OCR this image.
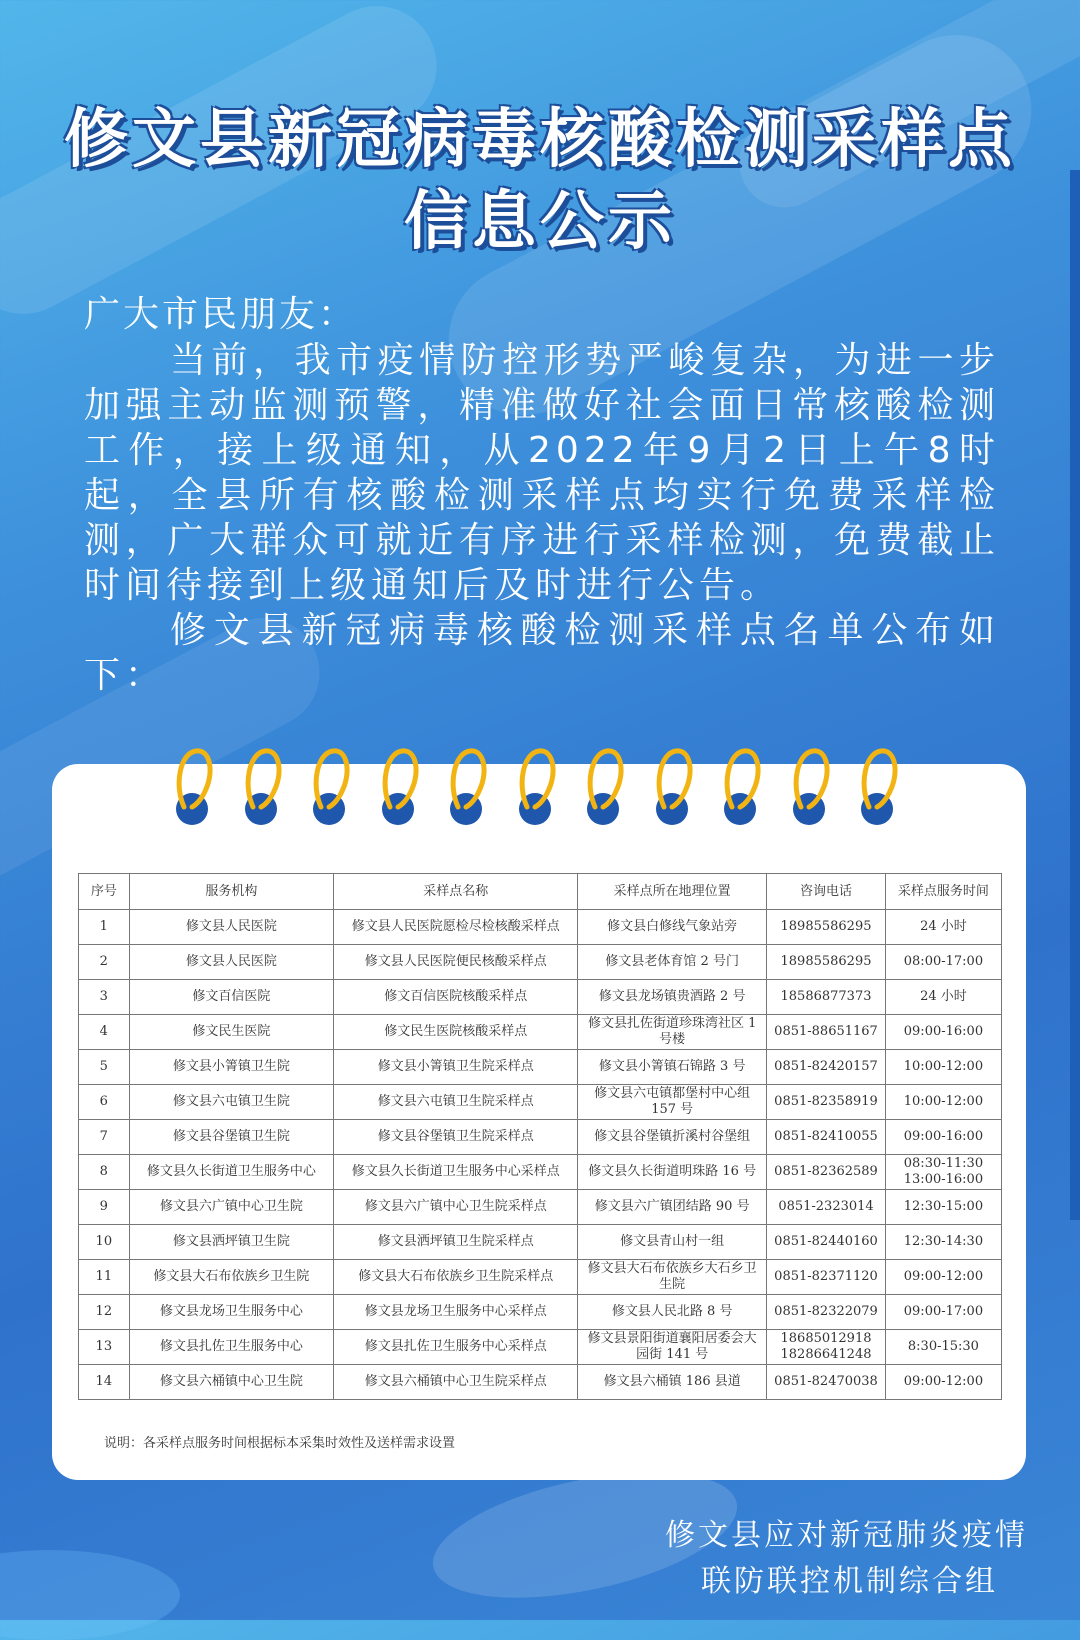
修文县新冠病毒核酸检测采样点
信息公示
广大市民朋友：

当前，我市疫情防控形势严峻复杂，为进一步加强主动监测预警，精准做好社会面日常核酸检测工作，接上级通知，从2022年9月2日上午8时起，全县所有核酸检测采样点均实行免费采样检测，广大群众可就近有序进行采样检测，免费截止时间待接到上级通知后及时进行公告。

修文县新冠病毒核酸检测采样点名单公布如下：

序号	服务机构	采样点名称	采样点所在地理位置	咨询电话	采样点服务时间
1	修文县人民医院	修文县人民医院愿检尽检核酸采样点	修文县白修线气象站旁	18985586295	24 小时
2	修文县人民医院	修文县人民医院便民核酸采样点	修文县老体育馆 2 号门	18985586295	08:00-17:00
3	修文百信医院	修文百信医院核酸采样点	修文县龙场镇贵酒路 2 号	18586877373	24 小时
4	修文民生医院	修文民生医院核酸采样点	修文县扎佐街道珍珠湾社区 1 号楼	0851-88651167	09:00-16:00
5	修文县小箐镇卫生院	修文县小箐镇卫生院采样点	修文县小箐镇石锦路 3 号	0851-82420157	10:00-12:00
6	修文县六屯镇卫生院	修文县六屯镇卫生院采样点	修文县六屯镇都堡村中心组 157 号	0851-82358919	10:00-12:00
7	修文县谷堡镇卫生院	修文县谷堡镇卫生院采样点	修文县谷堡镇折溪村谷堡组	0851-82410055	09:00-16:00
8	修文县久长街道卫生服务中心	修文县久长街道卫生服务中心采样点	修文县久长街道明珠路 16 号	0851-82362589	08:30-11:30 13:00-16:00
9	修文县六广镇中心卫生院	修文县六广镇中心卫生院采样点	修文县六广镇团结路 90 号	0851-2323014	12:30-15:00
10	修文县洒坪镇卫生院	修文县洒坪镇卫生院采样点	修文县青山村一组	0851-82440160	12:30-14:30
11	修文县大石布依族乡卫生院	修文县大石布依族乡卫生院采样点	修文县大石布依族乡大石乡卫生院	0851-82371120	09:00-12:00
12	修文县龙场卫生服务中心	修文县龙场卫生服务中心采样点	修文县人民北路 8 号	0851-82322079	09:00-17:00
13	修文县扎佐卫生服务中心	修文县扎佐卫生服务中心采样点	修文县景阳街道襄阳居委会大园街 141 号	18685012918 18286641248	8:30-15:30
14	修文县六桶镇中心卫生院	修文县六桶镇中心卫生院采样点	修文县六桶镇 186 县道	0851-82470038	09:00-12:00
说明：各采样点服务时间根据标本采集时效性及送样需求设置
修文县应对新冠肺炎疫情
联防联控机制综合组
